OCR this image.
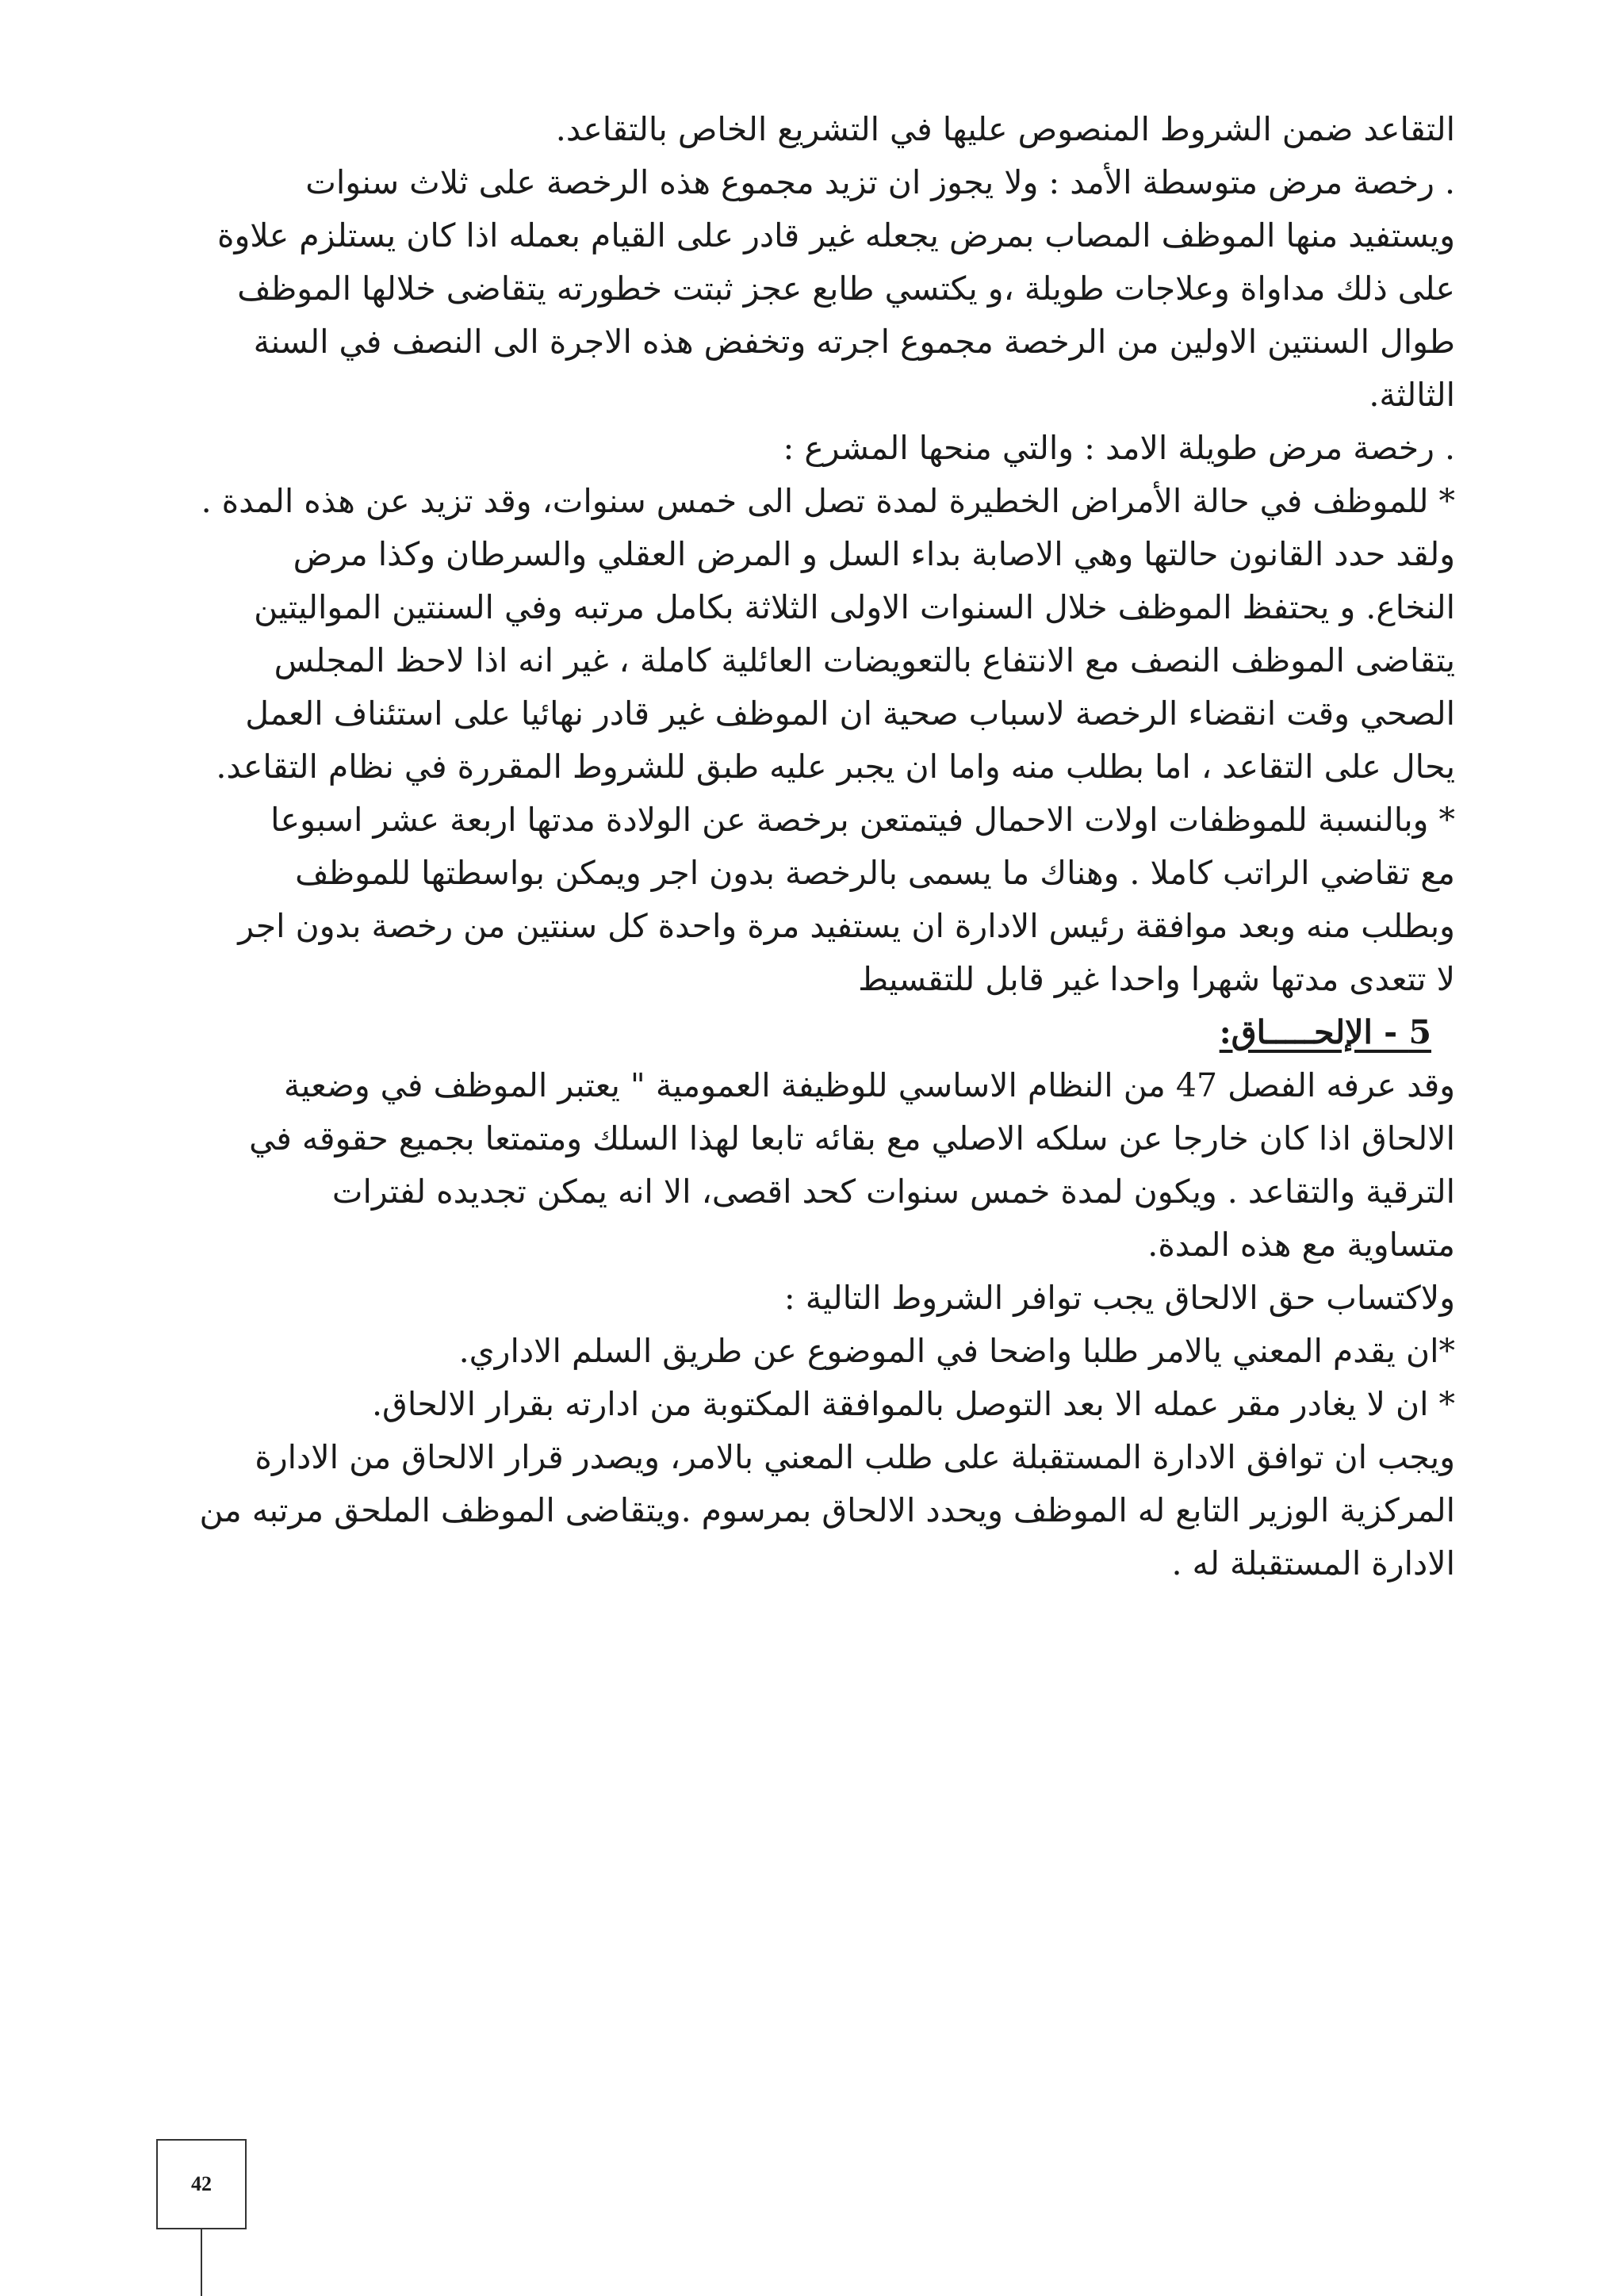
التقاعد ضمن الشروط المنصوص عليها في التشريع الخاص بالتقاعد.

. رخصة مرض متوسطة الأمد : ولا يجوز ان تزيد مجموع هذه الرخصة على ثلاث سنوات

ويستفيد منها الموظف المصاب بمرض يجعله غير قادر على القيام بعمله اذا كان يستلزم علاوة

على ذلك مداواة وعلاجات طويلة ،و يكتسي طابع عجز ثبتت خطورته يتقاضى خلالها الموظف

طوال السنتين الاولين من الرخصة مجموع اجرته وتخفض هذه الاجرة الى النصف في السنة

الثالثة.

. رخصة مرض طويلة الامد : والتي منحها المشرع :

* للموظف في حالة الأمراض الخطيرة لمدة تصل الى خمس سنوات، وقد تزيد عن هذه المدة .

ولقد حدد القانون حالتها وهي الاصابة بداء السل و المرض العقلي والسرطان وكذا مرض

النخاع. و يحتفظ الموظف خلال السنوات الاولى الثلاثة بكامل مرتبه وفي السنتين المواليتين

يتقاضى الموظف النصف مع الانتفاع بالتعويضات العائلية كاملة ، غير انه اذا لاحظ المجلس

الصحي وقت انقضاء الرخصة لاسباب صحية ان الموظف غير قادر نهائيا على استئناف العمل

يحال على التقاعد ، اما بطلب منه واما ان يجبر عليه طبق للشروط المقررة في نظام التقاعد.

* وبالنسبة للموظفات اولات الاحمال فيتمتعن برخصة عن الولادة مدتها اربعة عشر اسبوعا

مع تقاضي الراتب كاملا . وهناك ما يسمى بالرخصة بدون اجر ويمكن بواسطتها للموظف

وبطلب منه وبعد موافقة رئيس الادارة ان يستفيد مرة واحدة كل سنتين من رخصة بدون اجر

لا تتعدى مدتها شهرا واحدا غير قابل للتقسيط

5 - الإلحـــــاق:

وقد عرفه الفصل 47 من النظام الاساسي للوظيفة العمومية " يعتبر الموظف في وضعية

الالحاق اذا كان خارجا عن سلكه الاصلي مع بقائه تابعا لهذا السلك ومتمتعا بجميع حقوقه في

الترقية والتقاعد . ويكون لمدة خمس سنوات كحد اقصى، الا انه يمكن تجديده لفترات

متساوية مع هذه المدة.

ولاكتساب حق الالحاق يجب توافر الشروط التالية :

*ان يقدم المعني يالامر طلبا واضحا في الموضوع عن طريق السلم الاداري.

* ان لا يغادر مقر عمله الا بعد التوصل بالموافقة المكتوبة من ادارته بقرار الالحاق.

ويجب ان توافق الادارة المستقبلة على طلب المعني بالامر، ويصدر قرار الالحاق من الادارة

المركزية الوزير التابع له الموظف ويحدد الالحاق بمرسوم .ويتقاضى الموظف الملحق مرتبه من

الادارة المستقبلة له .

42
